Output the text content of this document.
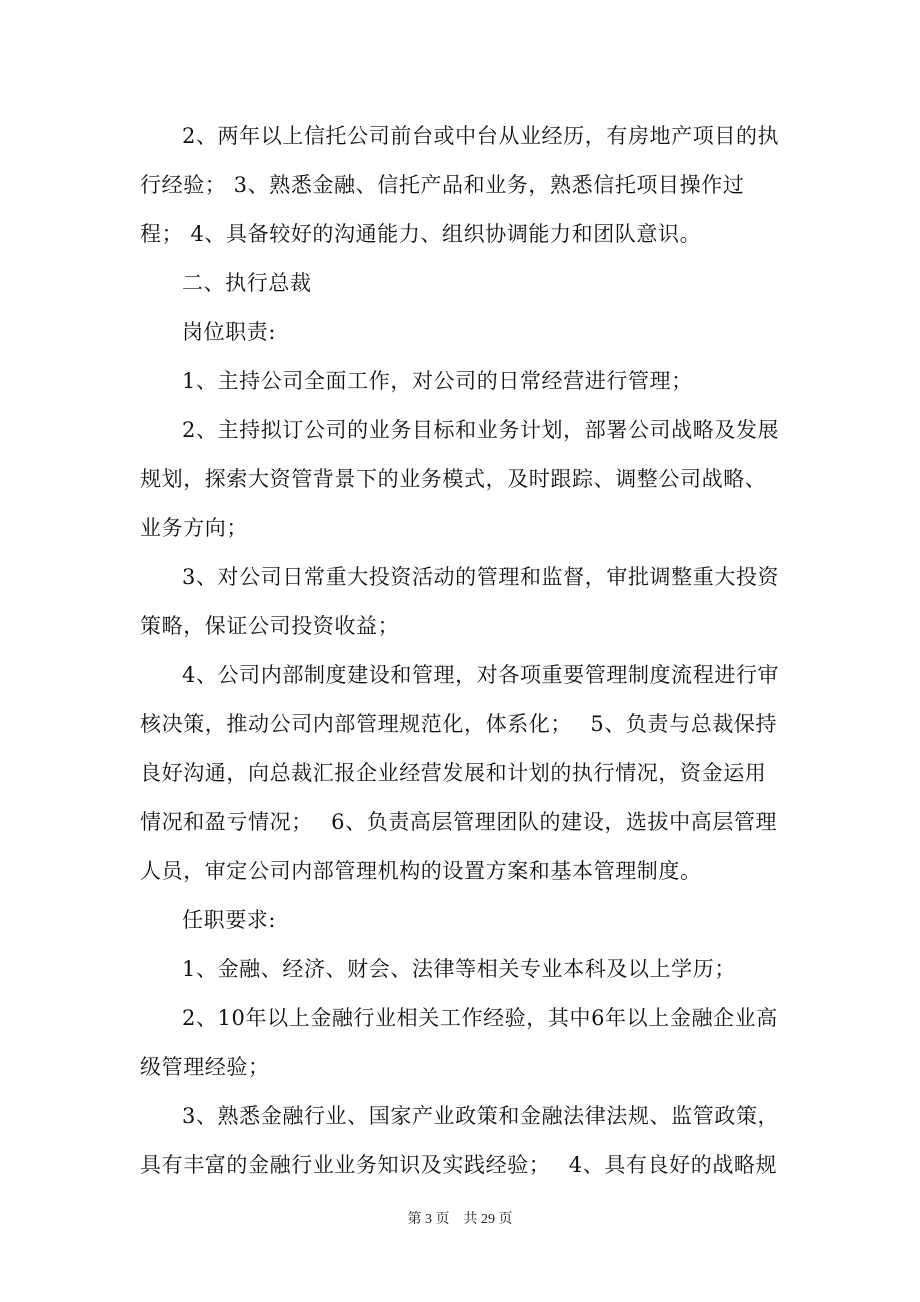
2、两年以上信托公司前台或中台从业经历，有房地产项目的执行经验； 3、熟悉金融、信托产品和业务，熟悉信托项目操作过程； 4、具备较好的沟通能力、组织协调能力和团队意识。

二、执行总裁

岗位职责:

1、主持公司全面工作，对公司的日常经营进行管理；

2、主持拟订公司的业务目标和业务计划，部署公司战略及发展规划，探索大资管背景下的业务模式，及时跟踪、调整公司战略、业务方向；

3、对公司日常重大投资活动的管理和监督，审批调整重大投资策略，保证公司投资收益；

4、公司内部制度建设和管理，对各项重要管理制度流程进行审核决策，推动公司内部管理规范化，体系化；　 5、负责与总裁保持良好沟通，向总裁汇报企业经营发展和计划的执行情况，资金运用情况和盈亏情况；　 6、负责高层管理团队的建设，选拔中高层管理人员，审定公司内部管理机构的设置方案和基本管理制度。

任职要求:

1、金融、经济、财会、法律等相关专业本科及以上学历；

2、10年以上金融行业相关工作经验，其中6年以上金融企业高级管理经验；

3、熟悉金融行业、国家产业政策和金融法律法规、监管政策，具有丰富的金融行业业务知识及实践经验；　 4、具有良好的战略规

第 3 页　共 29 页
